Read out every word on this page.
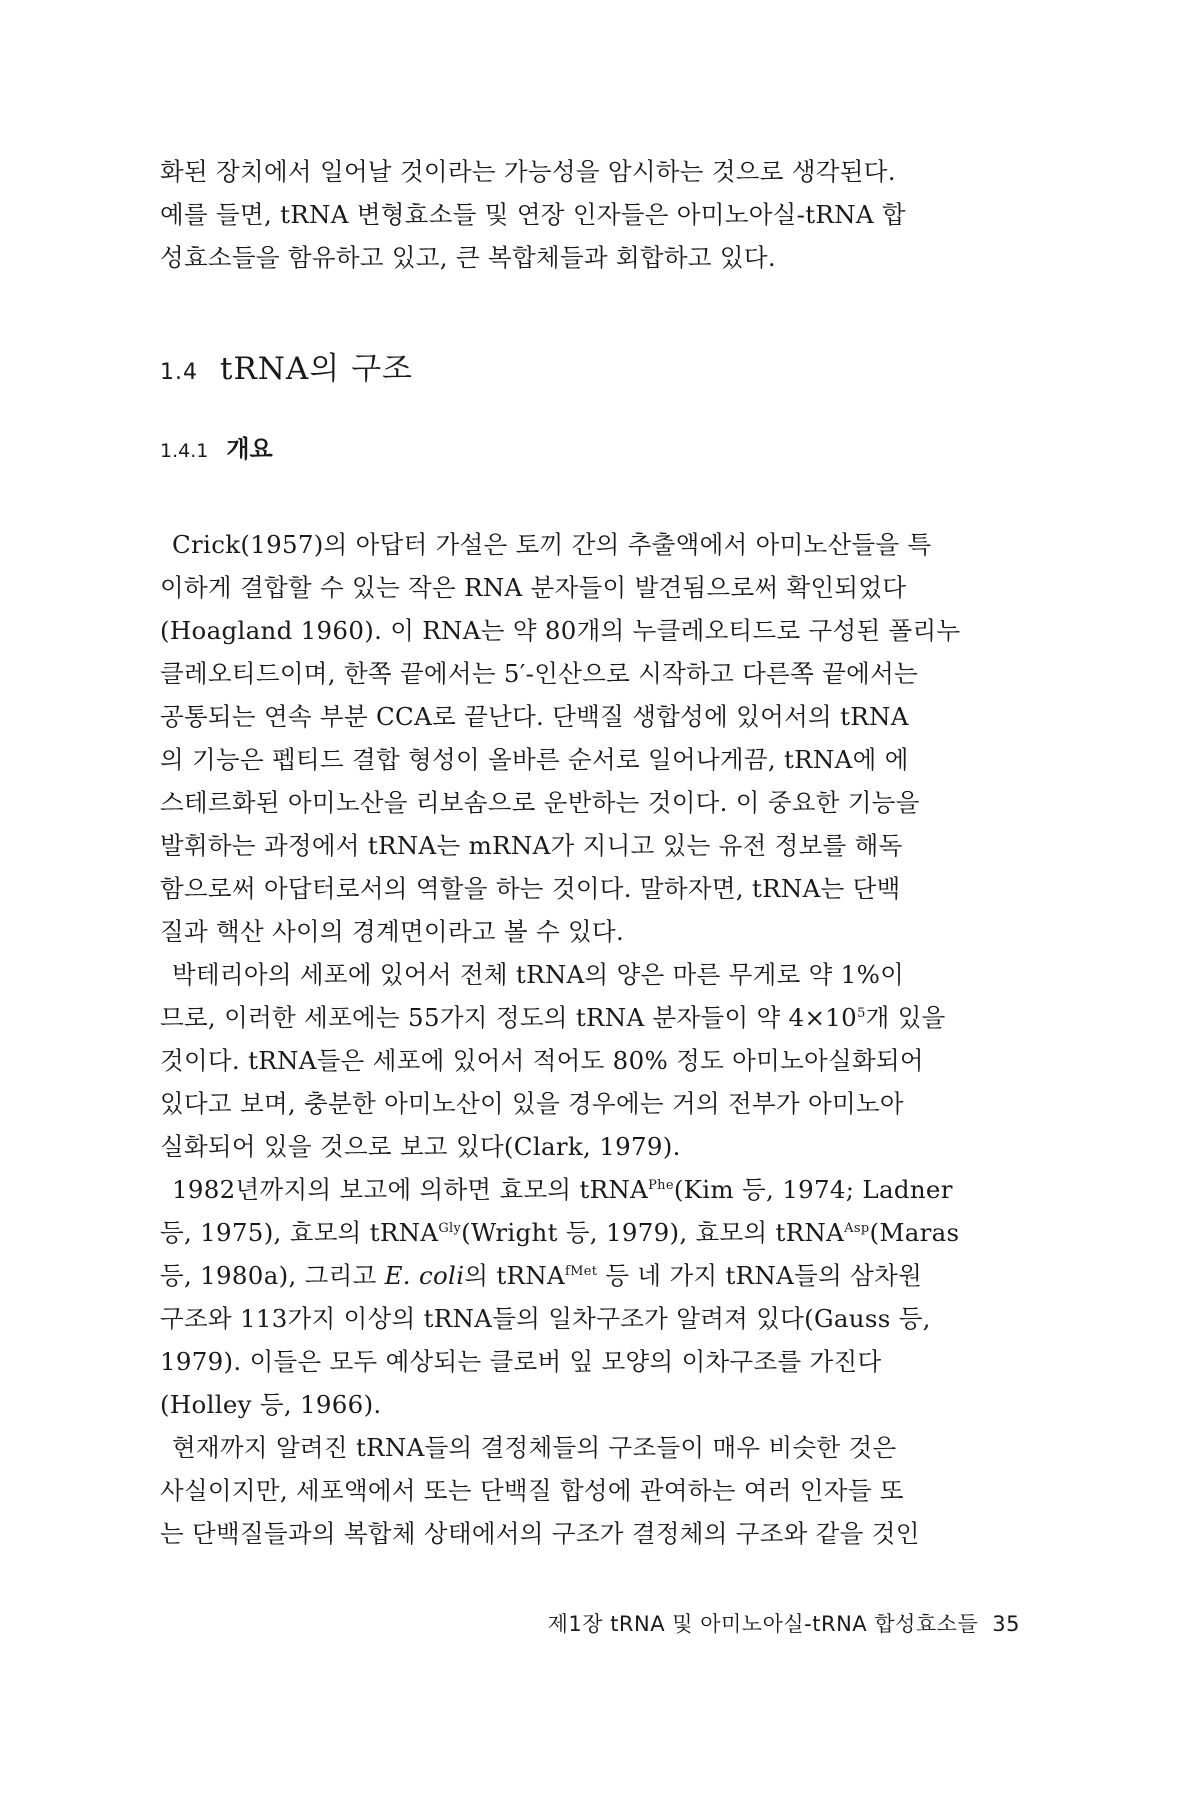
화된 장치에서 일어날 것이라는 가능성을 암시하는 것으로 생각된다.
예를 들면, tRNA 변형효소들 및 연장 인자들은 아미노아실-tRNA 합
성효소들을 함유하고 있고, 큰 복합체들과 회합하고 있다.

1.4 tRNA의 구조
1.4.1 개요

Crick(1957)의 아답터 가설은 토끼 간의 추출액에서 아미노산들을 특
이하게 결합할 수 있는 작은 RNA 분자들이 발견됨으로써 확인되었다
(Hoagland 1960). 이 RNA는 약 80개의 누클레오티드로 구성된 폴리누
클레오티드이며, 한쪽 끝에서는 5′-인산으로 시작하고 다른쪽 끝에서는
공통되는 연속 부분 CCA로 끝난다. 단백질 생합성에 있어서의 tRNA
의 기능은 펩티드 결합 형성이 올바른 순서로 일어나게끔, tRNA에 에
스테르화된 아미노산을 리보솜으로 운반하는 것이다. 이 중요한 기능을
발휘하는 과정에서 tRNA는 mRNA가 지니고 있는 유전 정보를 해독
함으로써 아답터로서의 역할을 하는 것이다. 말하자면, tRNA는 단백
질과 핵산 사이의 경계면이라고 볼 수 있다.

박테리아의 세포에 있어서 전체 tRNA의 양은 마른 무게로 약 1%이
므로, 이러한 세포에는 55가지 정도의 tRNA 분자들이 약 $4\times 10^5$개 있을
것이다. tRNA들은 세포에 있어서 적어도 80% 정도 아미노아실화되어
있다고 보며, 충분한 아미노산이 있을 경우에는 거의 전부가 아미노아
실화되어 있을 것으로 보고 있다(Clark, 1979).

1982년까지의 보고에 의하면 효모의 tRNA$^{Phe}$(Kim 등, 1974; Ladner
등, 1975), 효모의 tRNA$^{Gly}$(Wright 등, 1979), 효모의 tRNA$^{Asp}$(Maras
등, 1980a), 그리고 E. coli의 tRNA$^{fMet}$ 등 네 가지 tRNA들의 삼차원
구조와 113가지 이상의 tRNA들의 일차구조가 알려져 있다(Gauss 등,
1979). 이들은 모두 예상되는 클로버 잎 모양의 이차구조를 가진다
(Holley 등, 1966).

현재까지 알려진 tRNA들의 결정체들의 구조들이 매우 비슷한 것은
사실이지만, 세포액에서 또는 단백질 합성에 관여하는 여러 인자들 또
는 단백질들과의 복합체 상태에서의 구조가 결정체의 구조와 같을 것인

제1장 tRNA 및 아미노아실-tRNA 합성효소들 35
